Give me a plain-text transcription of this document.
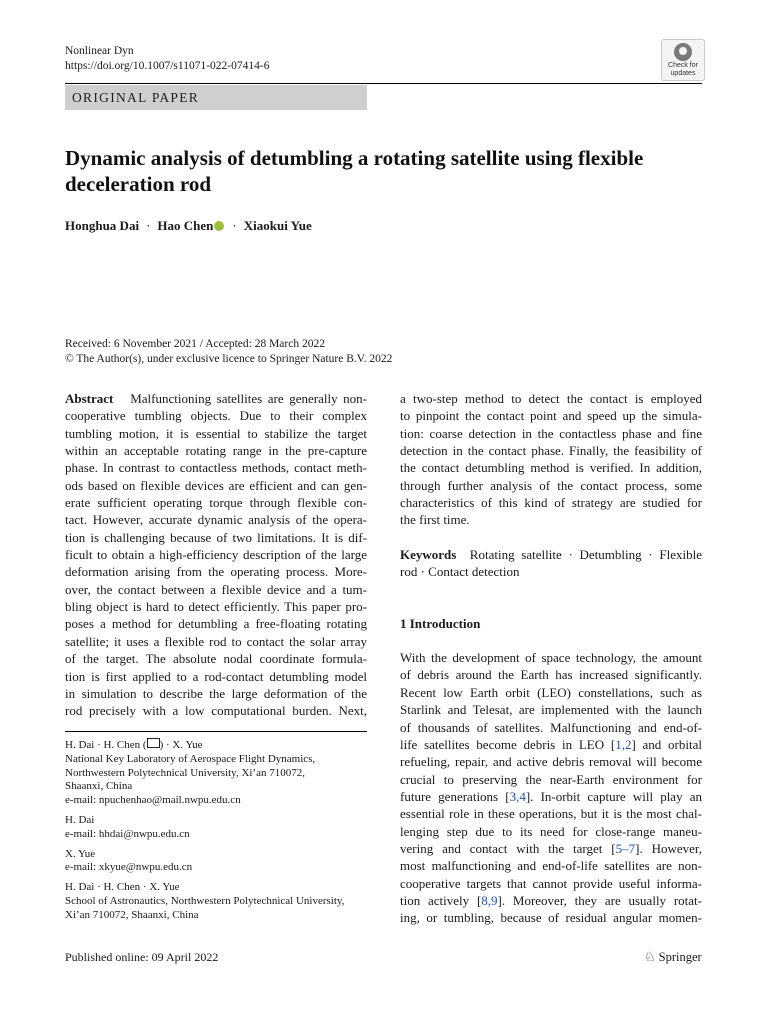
Nonlinear Dyn
https://doi.org/10.1007/s11071-022-07414-6	Check for
updates
ORIGINAL PAPER
Dynamic analysis of detumbling a rotating satellite using flexible deceleration rod
Honghua Dai · Hao Chen · Xiaokui Yue
Received: 6 November 2021 / Accepted: 28 March 2022
© The Author(s), under exclusive licence to Springer Nature B.V. 2022
Abstract Malfunctioning satellites are generally non-
cooperative tumbling objects. Due to their complex
tumbling motion, it is essential to stabilize the target
within an acceptable rotating range in the pre-capture
phase. In contrast to contactless methods, contact meth-
ods based on flexible devices are efficient and can gen-
erate sufficient operating torque through flexible con-
tact. However, accurate dynamic analysis of the opera-
tion is challenging because of two limitations. It is dif-
ficult to obtain a high-efficiency description of the large
deformation arising from the operating process. More-
over, the contact between a flexible device and a tum-
bling object is hard to detect efficiently. This paper pro-
poses a method for detumbling a free-floating rotating
satellite; it uses a flexible rod to contact the solar array
of the target. The absolute nodal coordinate formula-
tion is first applied to a rod-contact detumbling model
in simulation to describe the large deformation of the
rod precisely with a low computational burden. Next,

H. Dai · H. Chen ( ) · X. Yue
National Key Laboratory of Aerospace Flight Dynamics,
Northwestern Polytechnical University, Xi’an 710072,
Shaanxi, China
e-mail: npuchenhao@mail.nwpu.edu.cn

H. Dai
e-mail: hhdai@nwpu.edu.cn

X. Yue
e-mail: xkyue@nwpu.edu.cn

H. Dai · H. Chen · X. Yue
School of Astronautics, Northwestern Polytechnical University,
Xi’an 710072, Shaanxi, China

a two-step method to detect the contact is employed
to pinpoint the contact point and speed up the simula-
tion: coarse detection in the contactless phase and fine
detection in the contact phase. Finally, the feasibility of
the contact detumbling method is verified. In addition,
through further analysis of the contact process, some
characteristics of this kind of strategy are studied for
the first time.
Keywords Rotating satellite · Detumbling · Flexible
rod · Contact detection
1 Introduction
With the development of space technology, the amount
of debris around the Earth has increased significantly.
Recent low Earth orbit (LEO) constellations, such as
Starlink and Telesat, are implemented with the launch
of thousands of satellites. Malfunctioning and end-of-
life satellites become debris in LEO [1,2] and orbital
refueling, repair, and active debris removal will become
crucial to preserving the near-Earth environment for
future generations [3,4]. In-orbit capture will play an
essential role in these operations, but it is the most chal-
lenging step due to its need for close-range maneu-
vering and contact with the target [5–7]. However,
most malfunctioning and end-of-life satellites are non-
cooperative targets that cannot provide useful informa-
tion actively [8,9]. Moreover, they are usually rotat-
ing, or tumbling, because of residual angular momen-
Published online: 09 April 2022	♘ Springer
